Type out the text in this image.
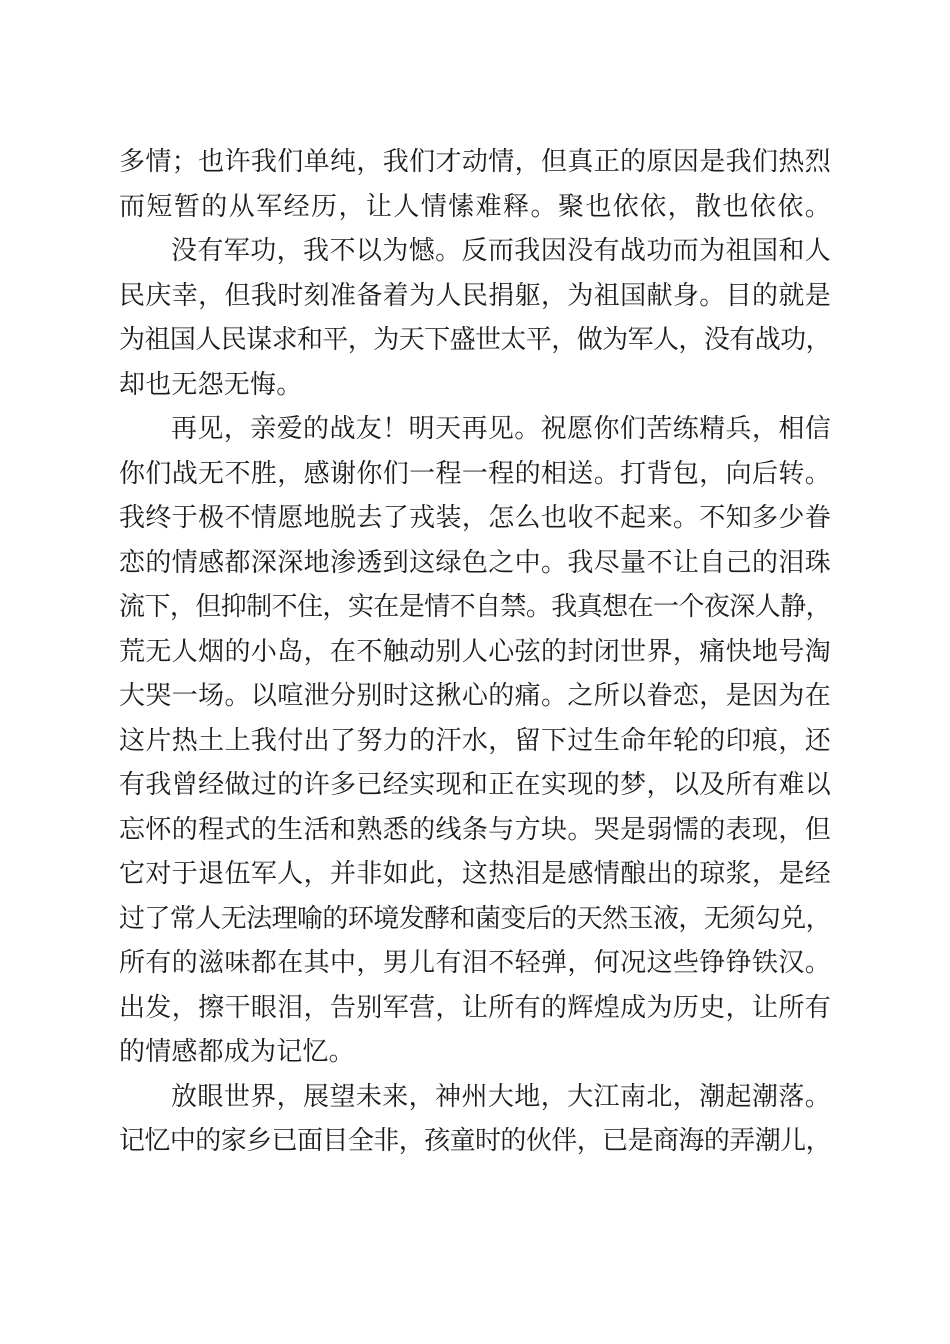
多情；也许我们单纯，我们才动情，但真正的原因是我们热烈
而短暂的从军经历，让人情愫难释。聚也依依，散也依依。
没有军功，我不以为憾。反而我因没有战功而为祖国和人
民庆幸，但我时刻准备着为人民捐躯，为祖国献身。目的就是
为祖国人民谋求和平，为天下盛世太平，做为军人，没有战功，
却也无怨无悔。
再见，亲爱的战友！明天再见。祝愿你们苦练精兵，相信
你们战无不胜，感谢你们一程一程的相送。打背包，向后转。
我终于极不情愿地脱去了戎装，怎么也收不起来。不知多少眷
恋的情感都深深地渗透到这绿色之中。我尽量不让自己的泪珠
流下，但抑制不住，实在是情不自禁。我真想在一个夜深人静，
荒无人烟的小岛，在不触动别人心弦的封闭世界，痛快地号淘
大哭一场。以喧泄分别时这揪心的痛。之所以眷恋，是因为在
这片热土上我付出了努力的汗水，留下过生命年轮的印痕，还
有我曾经做过的许多已经实现和正在实现的梦，以及所有难以
忘怀的程式的生活和熟悉的线条与方块。哭是弱懦的表现，但
它对于退伍军人，并非如此，这热泪是感情酿出的琼浆，是经
过了常人无法理喻的环境发酵和菌变后的天然玉液，无须勾兑，
所有的滋味都在其中，男儿有泪不轻弹，何况这些铮铮铁汉。
出发，擦干眼泪，告别军营，让所有的辉煌成为历史，让所有
的情感都成为记忆。
放眼世界，展望未来，神州大地，大江南北，潮起潮落。
记忆中的家乡已面目全非，孩童时的伙伴，已是商海的弄潮儿，
